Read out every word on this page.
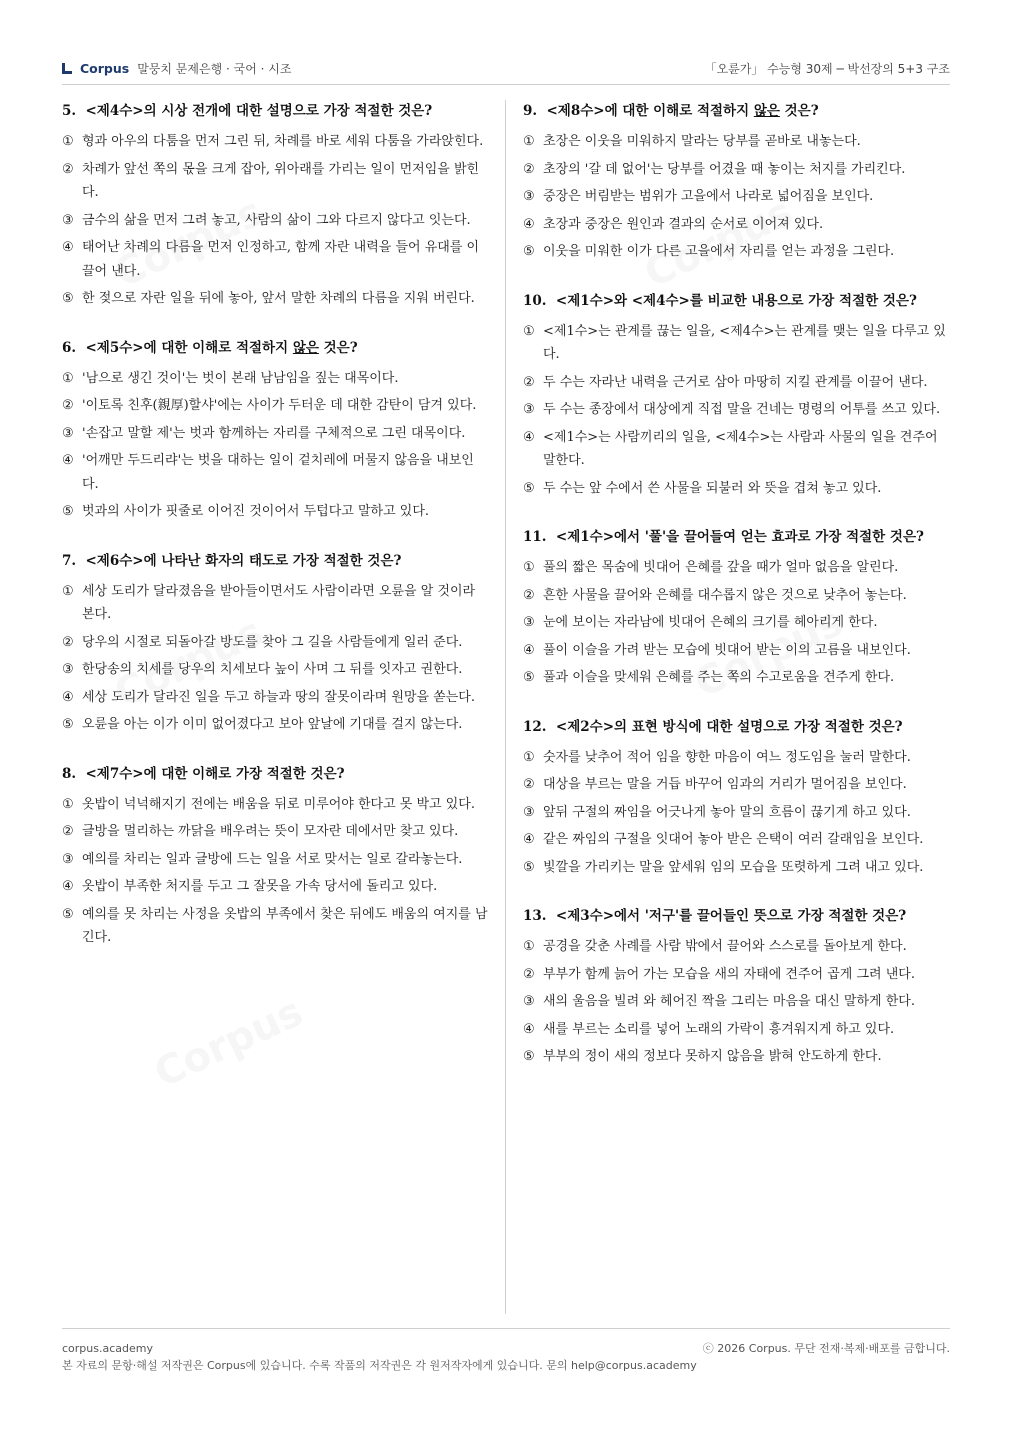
Corpus 말뭉치 문제은행 · 국어 · 시조	「오륜가」 수능형 30제 ─ 박선장의 5+3 구조
5. <제4수>의 시상 전개에 대한 설명으로 가장 적절한 것은?
① 형과 아우의 다툼을 먼저 그린 뒤, 차례를 바로 세워 다툼을 가라앉힌다.
② 차례가 앞선 쪽의 몫을 크게 잡아, 위아래를 가리는 일이 먼저임을 밝힌다.
③ 금수의 삶을 먼저 그려 놓고, 사람의 삶이 그와 다르지 않다고 잇는다.
④ 태어난 차례의 다름을 먼저 인정하고, 함께 자란 내력을 들어 유대를 이끌어 낸다.
⑤ 한 젖으로 자란 일을 뒤에 놓아, 앞서 말한 차례의 다름을 지워 버린다.
6. <제5수>에 대한 이해로 적절하지 않은 것은?
① '남으로 생긴 것이'는 벗이 본래 남남임을 짚는 대목이다.
② '이토록 친후(親厚)할샤'에는 사이가 두터운 데 대한 감탄이 담겨 있다.
③ '손잡고 말할 제'는 벗과 함께하는 자리를 구체적으로 그린 대목이다.
④ '어깨만 두드리랴'는 벗을 대하는 일이 겉치레에 머물지 않음을 내보인다.
⑤ 벗과의 사이가 핏줄로 이어진 것이어서 두텁다고 말하고 있다.
7. <제6수>에 나타난 화자의 태도로 가장 적절한 것은?
① 세상 도리가 달라졌음을 받아들이면서도 사람이라면 오륜을 알 것이라 본다.
② 당우의 시절로 되돌아갈 방도를 찾아 그 길을 사람들에게 일러 준다.
③ 한당송의 치세를 당우의 치세보다 높이 사며 그 뒤를 잇자고 권한다.
④ 세상 도리가 달라진 일을 두고 하늘과 땅의 잘못이라며 원망을 쏟는다.
⑤ 오륜을 아는 이가 이미 없어졌다고 보아 앞날에 기대를 걸지 않는다.
8. <제7수>에 대한 이해로 가장 적절한 것은?
① 옷밥이 넉넉해지기 전에는 배움을 뒤로 미루어야 한다고 못 박고 있다.
② 글방을 멀리하는 까닭을 배우려는 뜻이 모자란 데에서만 찾고 있다.
③ 예의를 차리는 일과 글방에 드는 일을 서로 맞서는 일로 갈라놓는다.
④ 옷밥이 부족한 처지를 두고 그 잘못을 가속 당서에 돌리고 있다.
⑤ 예의를 못 차리는 사정을 옷밥의 부족에서 찾은 뒤에도 배움의 여지를 남긴다.
9. <제8수>에 대한 이해로 적절하지 않은 것은?
① 초장은 이웃을 미워하지 말라는 당부를 곧바로 내놓는다.
② 초장의 '갈 데 없어'는 당부를 어겼을 때 놓이는 처지를 가리킨다.
③ 중장은 버림받는 범위가 고을에서 나라로 넓어짐을 보인다.
④ 초장과 중장은 원인과 결과의 순서로 이어져 있다.
⑤ 이웃을 미워한 이가 다른 고을에서 자리를 얻는 과정을 그린다.
10. <제1수>와 <제4수>를 비교한 내용으로 가장 적절한 것은?
① <제1수>는 관계를 끊는 일을, <제4수>는 관계를 맺는 일을 다루고 있다.
② 두 수는 자라난 내력을 근거로 삼아 마땅히 지킬 관계를 이끌어 낸다.
③ 두 수는 종장에서 대상에게 직접 말을 건네는 명령의 어투를 쓰고 있다.
④ <제1수>는 사람끼리의 일을, <제4수>는 사람과 사물의 일을 견주어 말한다.
⑤ 두 수는 앞 수에서 쓴 사물을 되불러 와 뜻을 겹쳐 놓고 있다.
11. <제1수>에서 '풀'을 끌어들여 얻는 효과로 가장 적절한 것은?
① 풀의 짧은 목숨에 빗대어 은혜를 갚을 때가 얼마 없음을 알린다.
② 흔한 사물을 끌어와 은혜를 대수롭지 않은 것으로 낮추어 놓는다.
③ 눈에 보이는 자라남에 빗대어 은혜의 크기를 헤아리게 한다.
④ 풀이 이슬을 가려 받는 모습에 빗대어 받는 이의 고름을 내보인다.
⑤ 풀과 이슬을 맞세워 은혜를 주는 쪽의 수고로움을 견주게 한다.
12. <제2수>의 표현 방식에 대한 설명으로 가장 적절한 것은?
① 숫자를 낮추어 적어 임을 향한 마음이 여느 정도임을 눌러 말한다.
② 대상을 부르는 말을 거듭 바꾸어 임과의 거리가 멀어짐을 보인다.
③ 앞뒤 구절의 짜임을 어긋나게 놓아 말의 흐름이 끊기게 하고 있다.
④ 같은 짜임의 구절을 잇대어 놓아 받은 은택이 여러 갈래임을 보인다.
⑤ 빛깔을 가리키는 말을 앞세워 임의 모습을 또렷하게 그려 내고 있다.
13. <제3수>에서 '저구'를 끌어들인 뜻으로 가장 적절한 것은?
① 공경을 갖춘 사례를 사람 밖에서 끌어와 스스로를 돌아보게 한다.
② 부부가 함께 늙어 가는 모습을 새의 자태에 견주어 곱게 그려 낸다.
③ 새의 울음을 빌려 와 헤어진 짝을 그리는 마음을 대신 말하게 한다.
④ 새를 부르는 소리를 넣어 노래의 가락이 흥겨워지게 하고 있다.
⑤ 부부의 정이 새의 정보다 못하지 않음을 밝혀 안도하게 한다.
corpus.academy	ⓒ 2026 Corpus. 무단 전재·복제·배포를 금합니다.
본 자료의 문항·해설 저작권은 Corpus에 있습니다. 수록 작품의 저작권은 각 원저작자에게 있습니다. 문의 help@corpus.academy
